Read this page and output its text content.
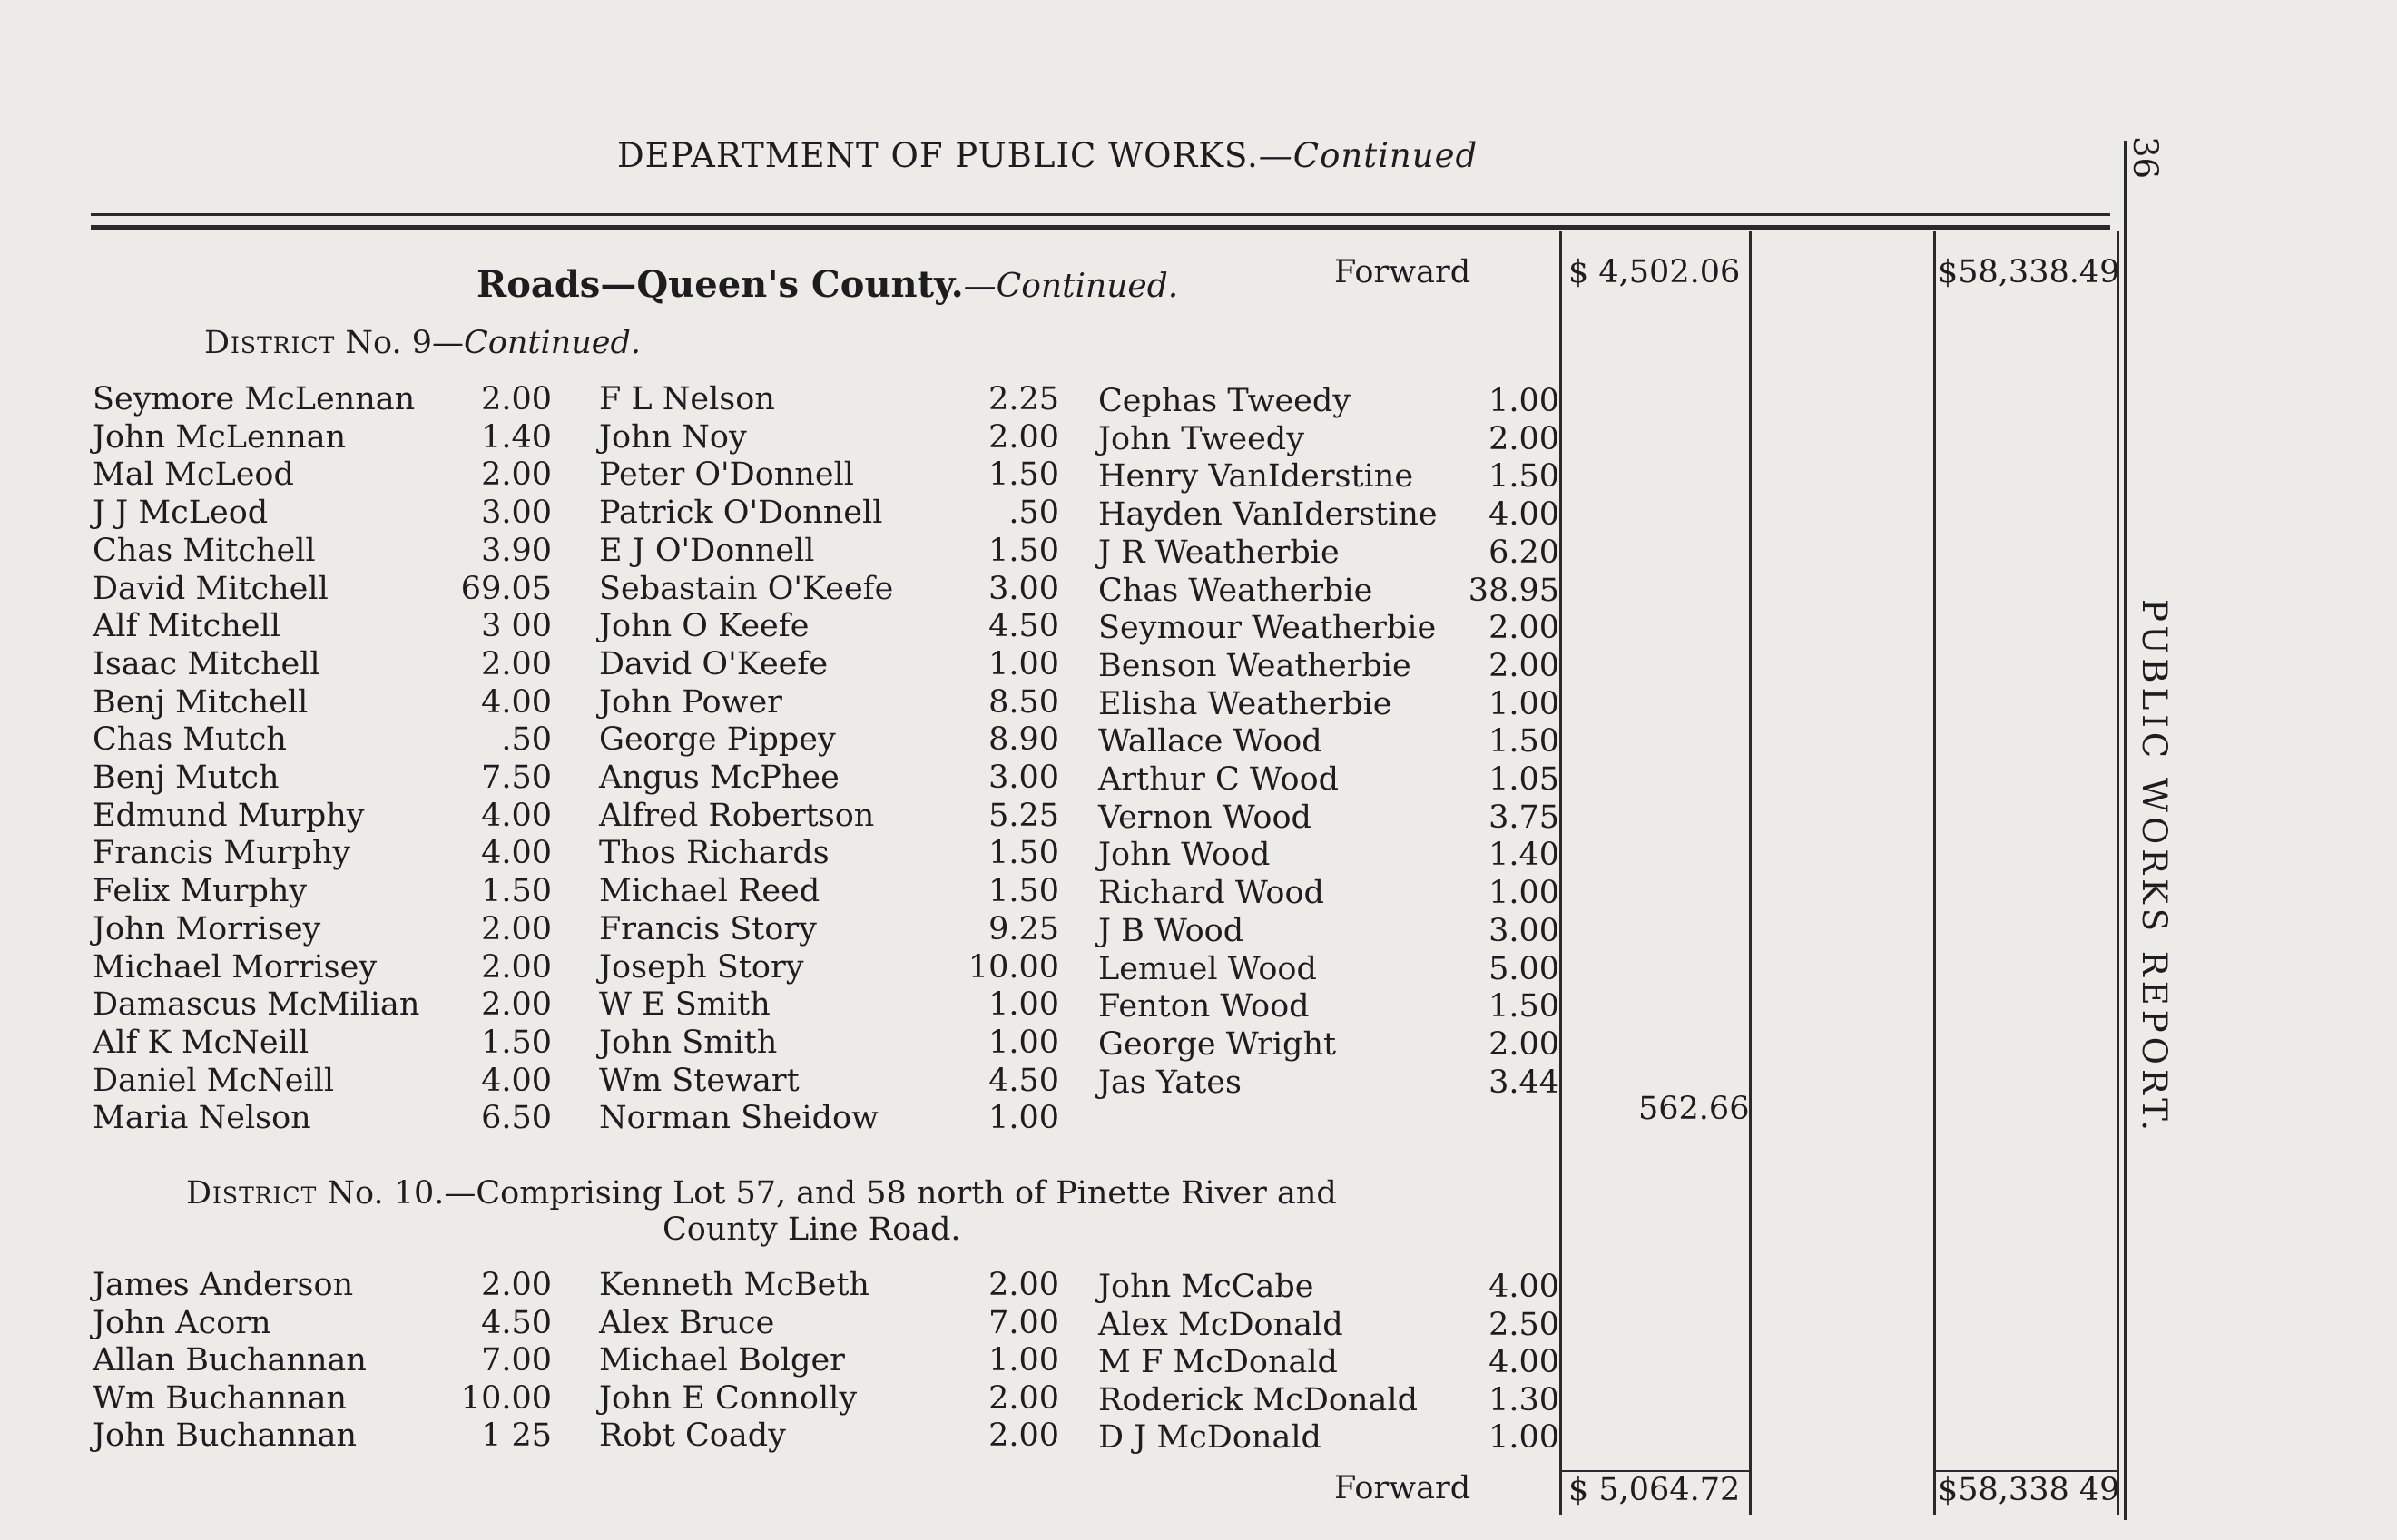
DEPARTMENT OF PUBLIC WORKS.—Continued	36
PUBLIC WORKS REPORT.
Roads—Queen's County.—Continued.	Forward	$ 4,502.06	$58,338.49
District No. 9—Continued.
Seymore McLennan	2.00
John McLennan	1.40
Mal McLeod	2.00
J J McLeod	3.00
Chas Mitchell	3.90
David Mitchell	69.05
Alf Mitchell	3 00
Isaac Mitchell	2.00
Benj Mitchell	4.00
Chas Mutch	.50
Benj Mutch	7.50
Edmund Murphy	4.00
Francis Murphy	4.00
Felix Murphy	1.50
John Morrisey	2.00
Michael Morrisey	2.00
Damascus McMilian	2.00
Alf K McNeill	1.50
Daniel McNeill	4.00
Maria Nelson	6.50
F L Nelson	2.25
John Noy	2.00
Peter O'Donnell	1.50
Patrick O'Donnell	.50
E J O'Donnell	1.50
Sebastain O'Keefe	3.00
John O Keefe	4.50
David O'Keefe	1.00
John Power	8.50
George Pippey	8.90
Angus McPhee	3.00
Alfred Robertson	5.25
Thos Richards	1.50
Michael Reed	1.50
Francis Story	9.25
Joseph Story	10.00
W E Smith	1.00
John Smith	1.00
Wm Stewart	4.50
Norman Sheidow	1.00
Cephas Tweedy	1.00
John Tweedy	2.00
Henry VanIderstine	1.50
Hayden VanIderstine	4.00
J R Weatherbie	6.20
Chas Weatherbie	38.95
Seymour Weatherbie	2.00
Benson Weatherbie	2.00
Elisha Weatherbie	1.00
Wallace Wood	1.50
Arthur C Wood	1.05
Vernon Wood	3.75
John Wood	1.40
Richard Wood	1.00
J B Wood	3.00
Lemuel Wood	5.00
Fenton Wood	1.50
George Wright	2.00
Jas Yates	3.44
562.66
District No. 10.—Comprising Lot 57, and 58 north of Pinette River and
County Line Road.
James Anderson	2.00
John Acorn	4.50
Allan Buchannan	7.00
Wm Buchannan	10.00
John Buchannan	1 25
Kenneth McBeth	2.00
Alex Bruce	7.00
Michael Bolger	1.00
John E Connolly	2.00
Robt Coady	2.00
John McCabe	4.00
Alex McDonald	2.50
M F McDonald	4.00
Roderick McDonald	1.30
D J McDonald	1.00
Forward	$ 5,064.72	$58,338 49
